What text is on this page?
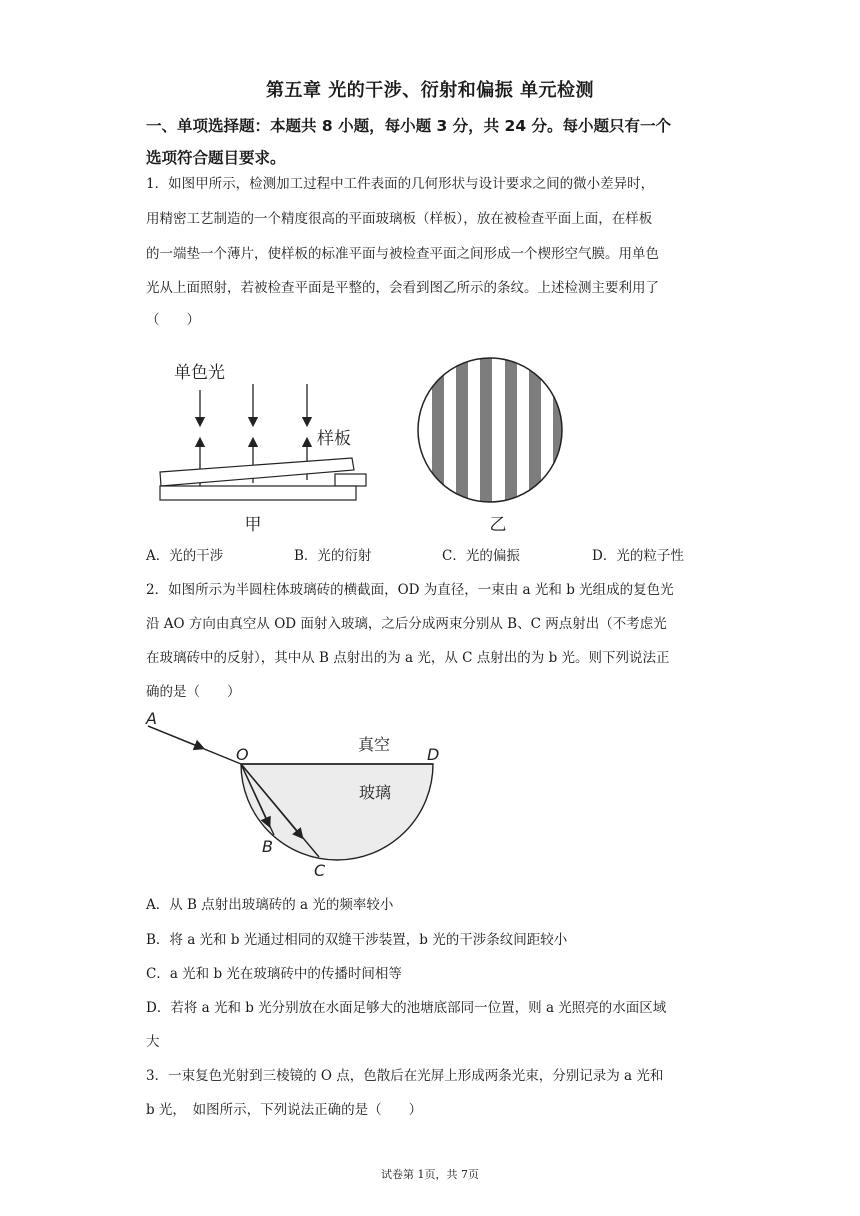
第五章 光的干涉、衍射和偏振 单元检测
一、单项选择题：本题共 8 小题，每小题 3 分，共 24 分。每小题只有一个
选项符合题目要求。
1．如图甲所示，检测加工过程中工件表面的几何形状与设计要求之间的微小差异时，
用精密工艺制造的一个精度很高的平面玻璃板（样板），放在被检查平面上面，在样板
的一端垫一个薄片，使样板的标准平面与被检查平面之间形成一个楔形空气膜。用单色
光从上面照射，若被检查平面是平整的，会看到图乙所示的条纹。上述检测主要利用了
（　　）
单色光
样板
甲	乙
A．光的干涉	B．光的衍射	C．光的偏振	D．光的粒子性
2．如图所示为半圆柱体玻璃砖的横截面，OD 为直径，一束由 a 光和 b 光组成的复色光
沿 AO 方向由真空从 OD 面射入玻璃，之后分成两束分别从 B、C 两点射出（不考虑光
在玻璃砖中的反射），其中从 B 点射出的为 a 光，从 C 点射出的为 b 光。则下列说法正
确的是（　　）
A
O	D
B
C
真空
玻璃
A．从 B 点射出玻璃砖的 a 光的频率较小
B．将 a 光和 b 光通过相同的双缝干涉装置，b 光的干涉条纹间距较小
C．a 光和 b 光在玻璃砖中的传播时间相等
D．若将 a 光和 b 光分别放在水面足够大的池塘底部同一位置，则 a 光照亮的水面区域
大
3．一束复色光射到三棱镜的 O 点，色散后在光屏上形成两条光束，分别记录为 a 光和
b 光，　如图所示，下列说法正确的是（　　）
试卷第 1页，共 7页
